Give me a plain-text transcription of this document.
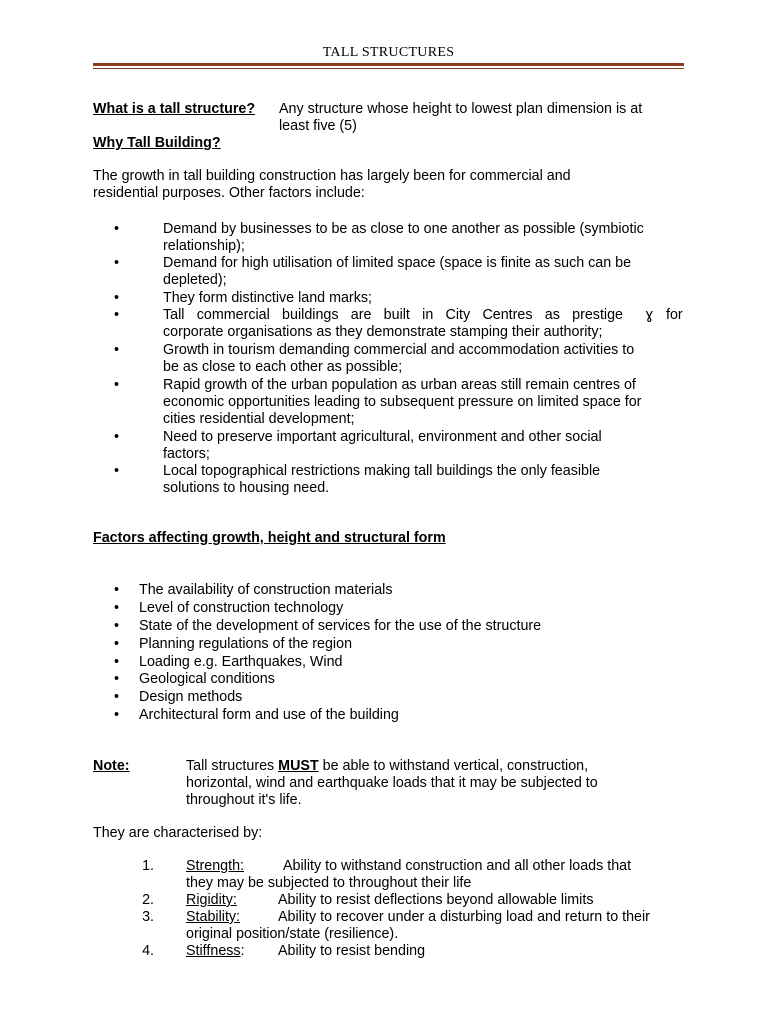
TALL STRUCTURES
What is a tall structure? Any structure whose height to lowest plan dimension is at
least five (5)
Why Tall Building?
The growth in tall building construction has largely been for commercial and
residential purposes. Other factors include:
•	Demand by businesses to be as close to one another as possible (symbiotic
relationship);
•	Demand for high utilisation of limited space (space is finite as such can be
depleted);
•	They form distinctive land marks;
•	Tall commercial buildings are built in City Centres as prestige ɣ for
corporate organisations as they demonstrate stamping their authority;
•	Growth in tourism demanding commercial and accommodation activities to
be as close to each other as possible;
•	Rapid growth of the urban population as urban areas still remain centres of
economic opportunities leading to subsequent pressure on limited space for
cities residential development;
•	Need to preserve important agricultural, environment and other social
factors;
•	Local topographical restrictions making tall buildings the only feasible
solutions to housing need.
Factors affecting growth, height and structural form
• The availability of construction materials
• Level of construction technology
• State of the development of services for the use of the structure
• Planning regulations of the region
• Loading e.g. Earthquakes, Wind
• Geological conditions
• Design methods
• Architectural form and use of the building
Note:	Tall structures MUST be able to withstand vertical, construction,
horizontal, wind and earthquake loads that it may be subjected to
throughout it's life.
They are characterised by:
1. Strength:	Ability to withstand construction and all other loads that
they may be subjected to throughout their life
2. Rigidity:	Ability to resist deflections beyond allowable limits
3. Stability:	Ability to recover under a disturbing load and return to their
original position/state (resilience).
4. Stiffness: Ability to resist bending
